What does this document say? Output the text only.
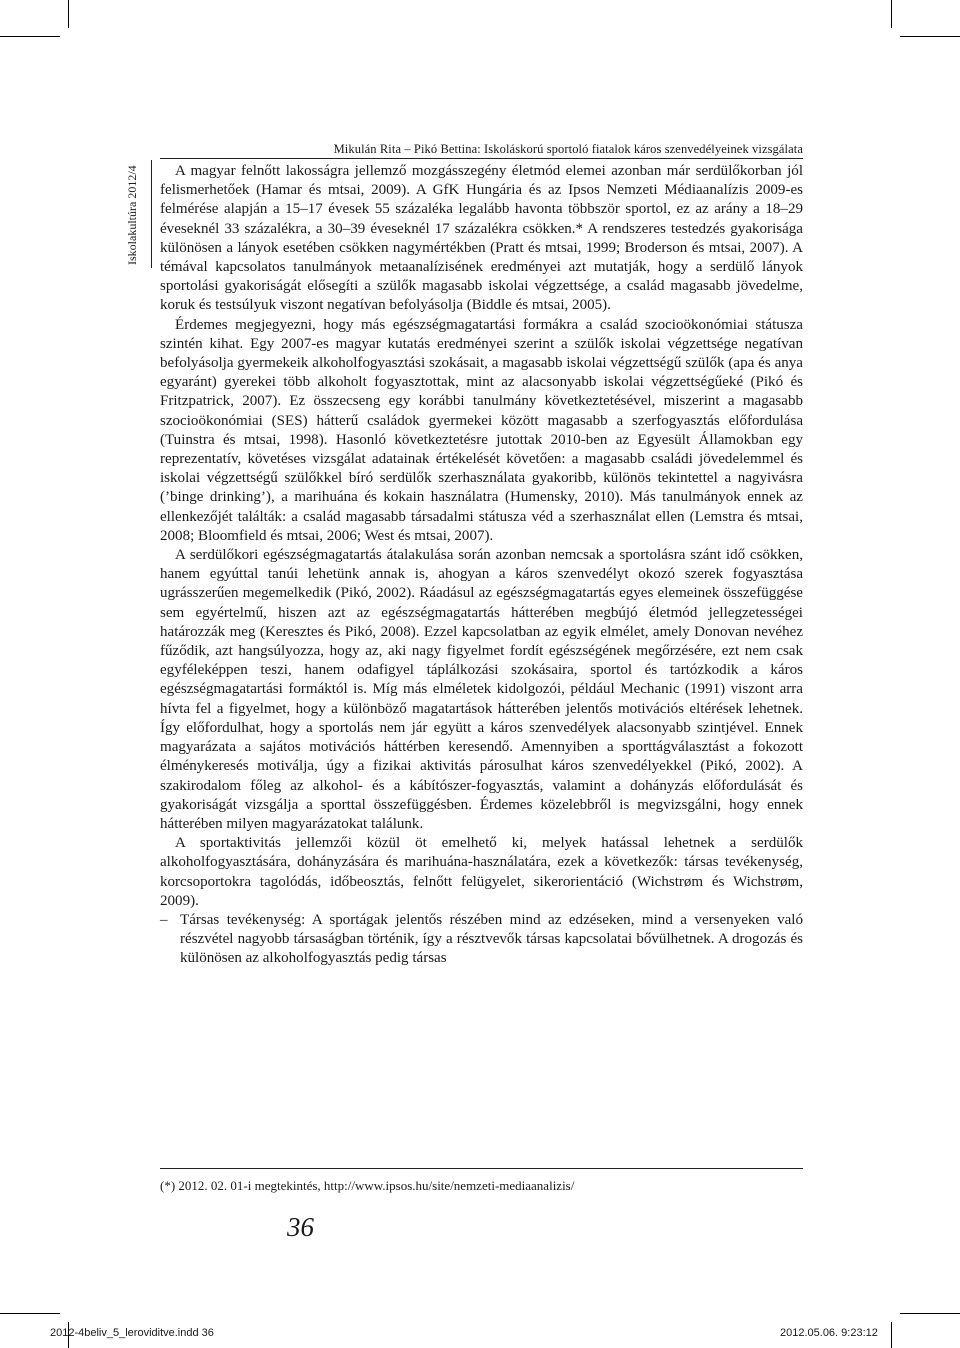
Mikulán Rita – Pikó Bettina: Iskoláskorú sportoló fiatalok káros szenvedélyeinek vizsgálata
Iskolakultúra 2012/4	A magyar felnőtt lakosságra jellemző mozgásszegény életmód elemei azonban már serdülőkorban jól felismerhetőek (Hamar és mtsai, 2009). A GfK Hungária és az Ipsos Nemzeti Médiaanalízis 2009-es felmérése alapján a 15–17 évesek 55 százaléka legalább havonta többször sportol, ez az arány a 18–29 éveseknél 33 százalékra, a 30–39 éveseknél 17 százalékra csökken.* A rendszeres testedzés gyakorisága különösen a lányok esetében csökken nagymértékben (Pratt és mtsai, 1999; Broderson és mtsai, 2007). A témával kapcsolatos tanulmányok metaanalízisének eredményei azt mutatják, hogy a serdülő lányok sportolási gyakoriságát elősegíti a szülők magasabb iskolai végzettsége, a család magasabb jövedelme, koruk és testsúlyuk viszont negatívan befolyásolja (Biddle és mtsai, 2005).

Érdemes megjegyezni, hogy más egészségmagatartási formákra a család szocioökonómiai státusza szintén kihat. Egy 2007-es magyar kutatás eredményei szerint a szülők iskolai végzettsége negatívan befolyásolja gyermekeik alkoholfogyasztási szokásait, a magasabb iskolai végzettségű szülők (apa és anya egyaránt) gyerekei több alkoholt fogyasztottak, mint az alacsonyabb iskolai végzettségűeké (Pikó és Fritzpatrick, 2007). Ez összecseng egy korábbi tanulmány következtetésével, miszerint a magasabb szocioökonómiai (SES) hátterű családok gyermekei között magasabb a szerfogyasztás előfordulása (Tuinstra és mtsai, 1998). Hasonló következtetésre jutottak 2010-ben az Egyesült Államokban egy reprezentatív, követéses vizsgálat adatainak értékelését követően: a magasabb családi jövedelemmel és iskolai végzettségű szülőkkel bíró serdülők szerhasználata gyakoribb, különös tekintettel a nagyivásra (’binge drinking’), a marihuána és kokain használatra (Humensky, 2010). Más tanulmányok ennek az ellenkezőjét találták: a család magasabb társadalmi státusza véd a szerhasználat ellen (Lemstra és mtsai, 2008; Bloomfield és mtsai, 2006; West és mtsai, 2007).

A serdülőkori egészségmagatartás átalakulása során azonban nemcsak a sportolásra szánt idő csökken, hanem egyúttal tanúi lehetünk annak is, ahogyan a káros szenvedélyt okozó szerek fogyasztása ugrásszerűen megemelkedik (Pikó, 2002). Ráadásul az egészségmagatartás egyes elemeinek összefüggése sem egyértelmű, hiszen azt az egészségmagatartás hátterében megbújó életmód jellegzetességei határozzák meg (Keresztes és Pikó, 2008). Ezzel kapcsolatban az egyik elmélet, amely Donovan nevéhez fűződik, azt hangsúlyozza, hogy az, aki nagy figyelmet fordít egészségének megőrzésére, ezt nem csak egyféleképpen teszi, hanem odafigyel táplálkozási szokásaira, sportol és tartózkodik a káros egészségmagatartási formáktól is. Míg más elméletek kidolgozói, például Mechanic (1991) viszont arra hívta fel a figyelmet, hogy a különböző magatartások hátterében jelentős motivációs eltérések lehetnek. Így előfordulhat, hogy a sportolás nem jár együtt a káros szenvedélyek alacsonyabb szintjével. Ennek magyarázata a sajátos motivációs háttérben keresendő. Amennyiben a sporttágválasztást a fokozott élménykeresés motiválja, úgy a fizikai aktivitás párosulhat káros szenvedélyekkel (Pikó, 2002). A szakirodalom főleg az alkohol- és a kábítószer-fogyasztás, valamint a dohányzás előfordulását és gyakoriságát vizsgálja a sporttal összefüggésben. Érdemes közelebbről is megvizsgálni, hogy ennek hátterében milyen magyarázatokat találunk.

A sportaktivitás jellemzői közül öt emelhető ki, melyek hatással lehetnek a serdülők alkoholfogyasztására, dohányzására és marihuána-használatára, ezek a következők: társas tevékenység, korcsoportokra tagolódás, időbeosztás, felnőtt felügyelet, sikerorientáció (Wichstrøm és Wichstrøm, 2009).

– Társas tevékenység: A sportágak jelentős részében mind az edzéseken, mind a versenyeken való részvétel nagyobb társaságban történik, így a résztvevők társas kapcsolatai bővülhetnek. A drogozás és különösen az alkoholfogyasztás pedig társas

(*) 2012. 02. 01-i megtekintés, http://www.ipsos.hu/site/nemzeti-mediaanalizis/
36
2012-4beliv_5_leroviditve.indd 36	2012.05.06. 9:23:12
